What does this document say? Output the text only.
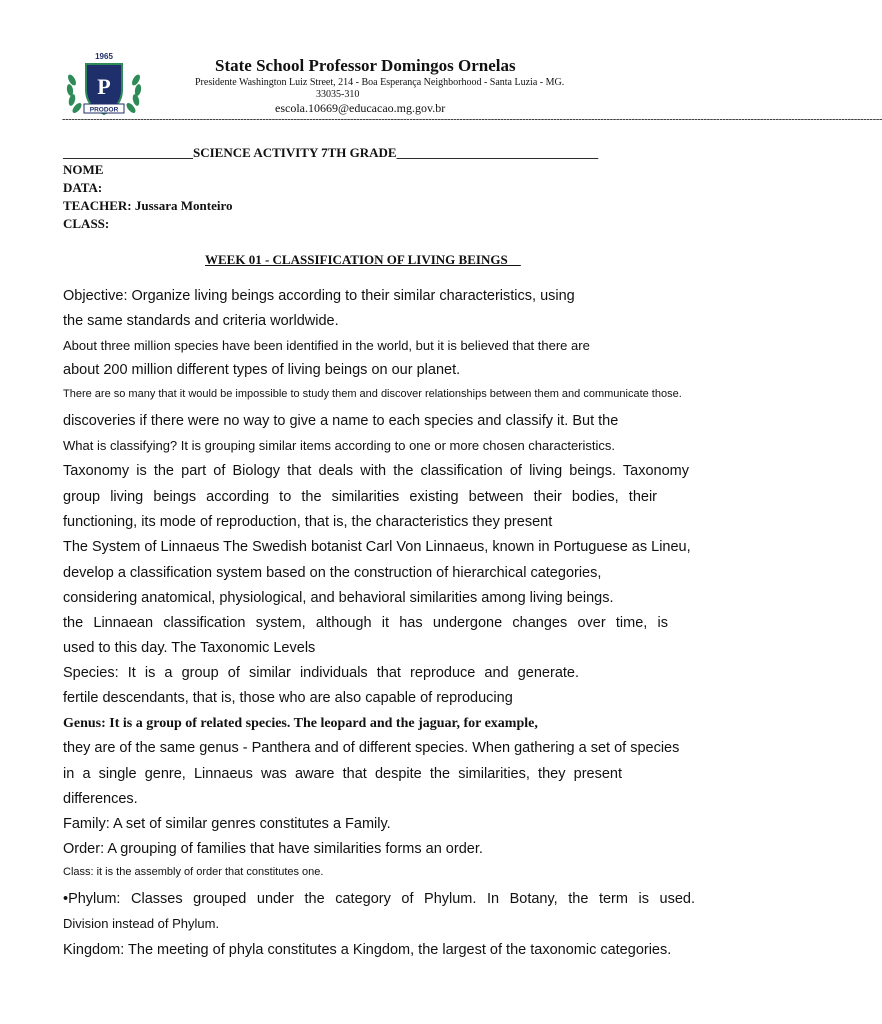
1965
P
PRODOR
State School Professor Domingos Ornelas
Presidente Washington Luiz Street, 214 - Boa Esperança Neighborhood - Santa Luzia - MG.
33035-310
escola.10669@educacao.mg.gov.br
----------------------------------------------------------------------------------------------------------------------------------------------------------------------------------------------------------------------------------------------------------------------
____________________SCIENCE ACTIVITY 7TH GRADE_______________________________
NOME
DATA:
TEACHER: Jussara Monteiro
CLASS:
WEEK 01 - CLASSIFICATION OF LIVING BEINGS__
Objective: Organize living beings according to their similar characteristics, using
the same standards and criteria worldwide.
About three million species have been identified in the world, but it is believed that there are
about 200 million different types of living beings on our planet.
There are so many that it would be impossible to study them and discover relationships between them and communicate those.
discoveries if there were no way to give a name to each species and classify it. But the
What is classifying? It is grouping similar items according to one or more chosen characteristics.
Taxonomy is the part of Biology that deals with the classification of living beings. Taxonomy
group living beings according to the similarities existing between their bodies, their
functioning, its mode of reproduction, that is, the characteristics they present
The System of Linnaeus The Swedish botanist Carl Von Linnaeus, known in Portuguese as Lineu,
develop a classification system based on the construction of hierarchical categories,
considering anatomical, physiological, and behavioral similarities among living beings.
the Linnaean classification system, although it has undergone changes over time, is
used to this day. The Taxonomic Levels
Species: It is a group of similar individuals that reproduce and generate.
fertile descendants, that is, those who are also capable of reproducing
Genus: It is a group of related species. The leopard and the jaguar, for example,
they are of the same genus - Panthera and of different species. When gathering a set of species
in a single genre, Linnaeus was aware that despite the similarities, they present
differences.
Family: A set of similar genres constitutes a Family.
Order: A grouping of families that have similarities forms an order.
Class: it is the assembly of order that constitutes one.
•Phylum: Classes grouped under the category of Phylum. In Botany, the term is used.
Division instead of Phylum.
Kingdom: The meeting of phyla constitutes a Kingdom, the largest of the taxonomic categories.
